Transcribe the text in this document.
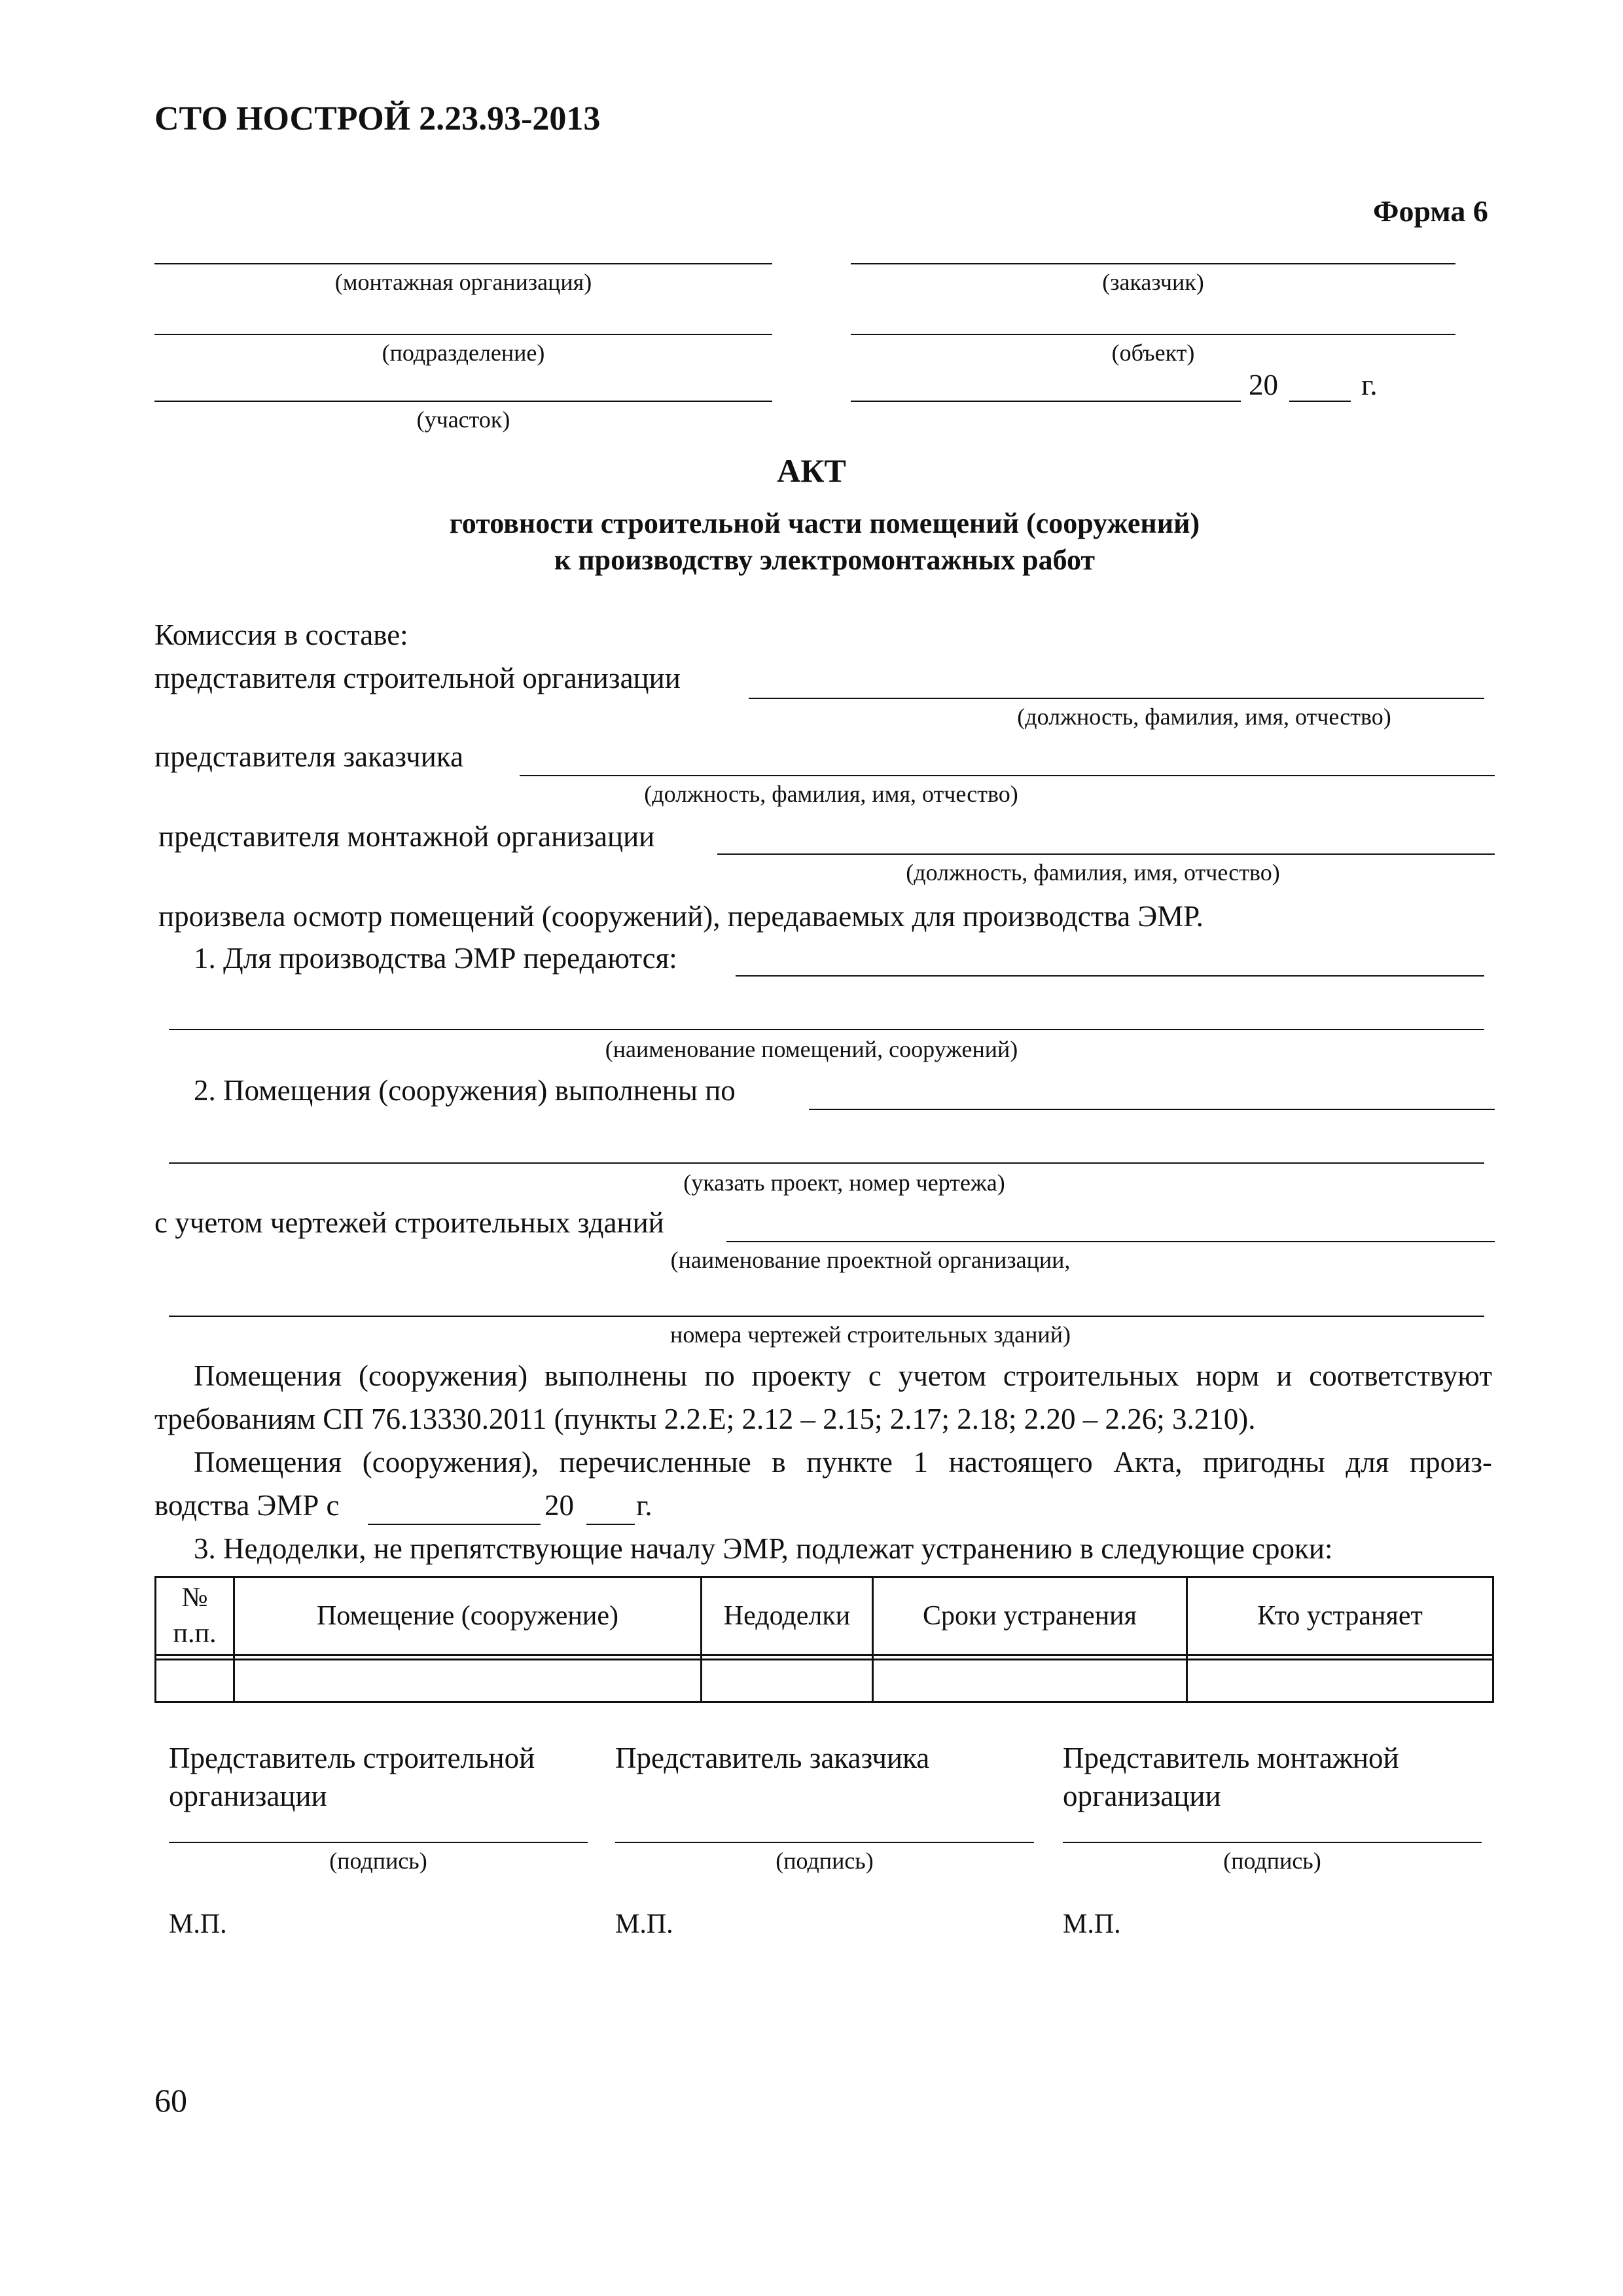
СТО НОСТРОЙ 2.23.93-2013
Форма 6
(монтажная организация)
(подразделение)
(участок)
(заказчик)
(объект)
20	г.
АКТ
готовности строительной части помещений (сооружений)
к производству электромонтажных работ
Комиссия в составе:
представителя строительной организации
(должность, фамилия, имя, отчество)
представителя заказчика
(должность, фамилия, имя, отчество)
представителя монтажной организации
(должность, фамилия, имя, отчество)
произвела осмотр помещений (сооружений), передаваемых для производства ЭМР.
1. Для производства ЭМР передаются:
(наименование помещений, сооружений)
2. Помещения (сооружения) выполнены по
(указать проект, номер чертежа)
с учетом чертежей строительных зданий
(наименование проектной организации,
номера чертежей строительных зданий)
Помещения (сооружения) выполнены по проекту с учетом строительных норм и соответствуют
требованиям СП 76.13330.2011 (пункты 2.2.Е; 2.12 – 2.15; 2.17; 2.18; 2.20 – 2.26; 3.210).
Помещения (сооружения), перечисленные в пункте 1 настоящего Акта, пригодны для произ-
водства ЭМР с	20 г.
3. Недоделки, не препятствующие началу ЭМР, подлежат устранению в следующие сроки:
№
п.п.	Помещение (сооружение)	Недоделки	Сроки устранения	Кто устраняет

Представитель строительной
организации
(подпись)
М.П.
Представитель заказчика
(подпись)
М.П.
Представитель монтажной
организации
(подпись)
М.П.
60
